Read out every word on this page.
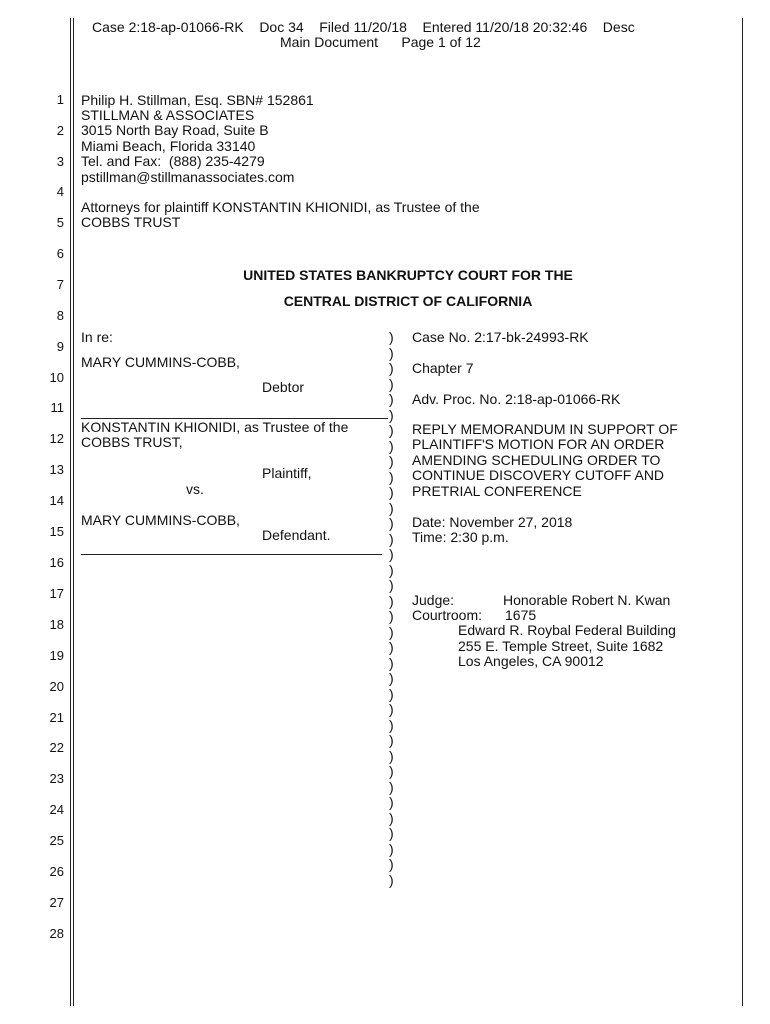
Case 2:18-ap-01066-RK    Doc 34    Filed 11/20/18    Entered 11/20/18 20:32:46    Desc
Main Document      Page 1 of 12
1
2
3
4
5
6
7
8
9
10
11
12
13
14
15
16
17
18
19
20
21
22
23
24
25
26
27
28
Philip H. Stillman, Esq. SBN# 152861
STILLMAN & ASSOCIATES
3015 North Bay Road, Suite B
Miami Beach, Florida 33140
Tel. and Fax:  (888) 235-4279
pstillman@stillmanassociates.com
Attorneys for plaintiff KONSTANTIN KHIONIDI, as Trustee of the
COBBS TRUST
UNITED STATES BANKRUPTCY COURT FOR THE
CENTRAL DISTRICT OF CALIFORNIA
In re:
MARY CUMMINS-COBB,
Debtor
KONSTANTIN KHIONIDI, as Trustee of the
COBBS TRUST,
Plaintiff,
vs.
MARY CUMMINS-COBB,
Defendant.
)
)
)
)
)
)
)
)
)
)
)
)
)
)
)
)
)
)
)
)
)
)
)
)
)
)
)
)
)
)
)
)
)
)
)
)
Case No. 2:17-bk-24993-RK
Chapter 7
Adv. Proc. No. 2:18-ap-01066-RK
REPLY MEMORANDUM IN SUPPORT OF
PLAINTIFF'S MOTION FOR AN ORDER
AMENDING SCHEDULING ORDER TO
CONTINUE DISCOVERY CUTOFF AND
PRETRIAL CONFERENCE
Date: November 27, 2018
Time: 2:30 p.m.
Judge:	Honorable Robert N. Kwan
Courtroom: 1675
Edward R. Roybal Federal Building
255 E. Temple Street, Suite 1682
Los Angeles, CA 90012
